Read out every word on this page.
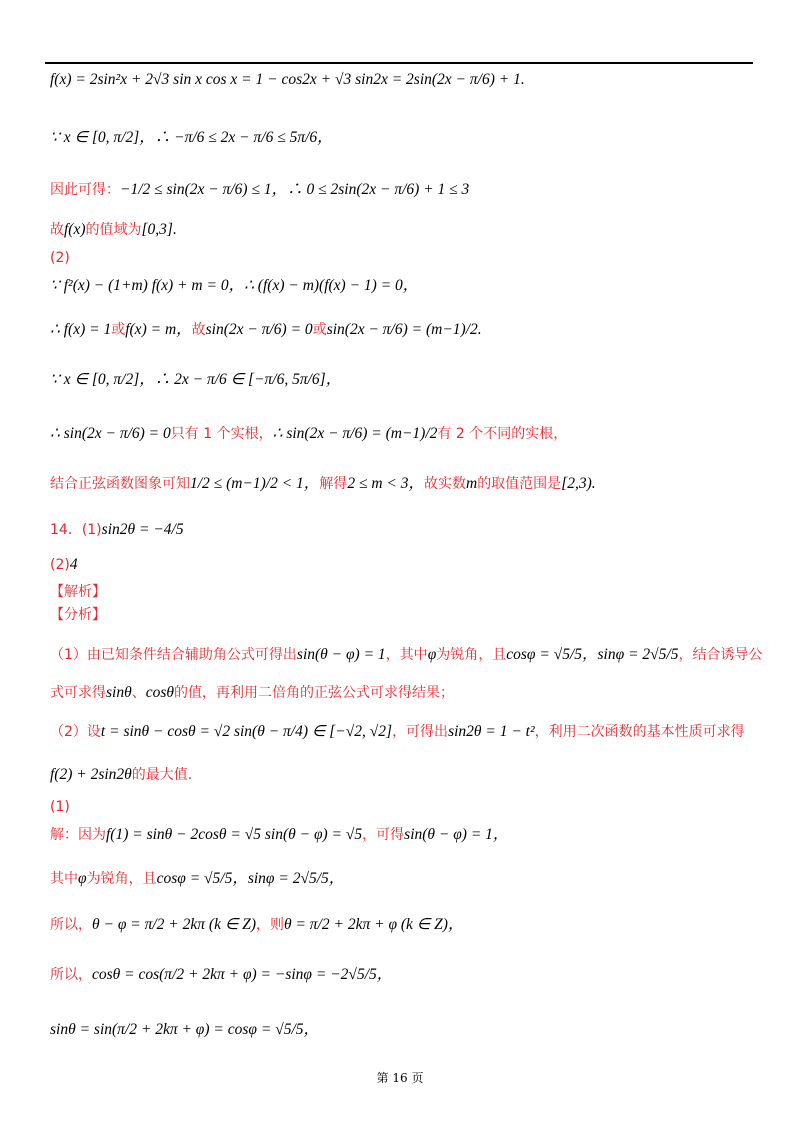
f(x) = 2sin²x + 2√3 sin x cos x = 1 − cos2x + √3 sin2x = 2sin(2x − π/6) + 1.
∵ x ∈ [0, π/2]，∴ −π/6 ≤ 2x − π/6 ≤ 5π/6，
因此可得：−1/2 ≤ sin(2x − π/6) ≤ 1，∴ 0 ≤ 2sin(2x − π/6) + 1 ≤ 3
故f(x)的值域为[0,3].
(2)
∵ f²(x) − (1+m) f(x) + m = 0，∴ (f(x) − m)(f(x) − 1) = 0，
∴ f(x) = 1或f(x) = m，故sin(2x − π/6) = 0或sin(2x − π/6) = (m−1)/2.
∵ x ∈ [0, π/2]，∴ 2x − π/6 ∈ [−π/6, 5π/6]，
∴ sin(2x − π/6) = 0只有 1 个实根，∴ sin(2x − π/6) = (m−1)/2有 2 个不同的实根，
结合正弦函数图象可知1/2 ≤ (m−1)/2 < 1，解得2 ≤ m < 3，故实数m的取值范围是[2,3).
14．(1)sin2θ = −4/5
(2)4
【解析】
【分析】
（1）由已知条件结合辅助角公式可得出sin(θ − φ) = 1，其中φ为锐角，且cosφ = √5/5，sinφ = 2√5/5，结合诱导公
式可求得sinθ、cosθ的值，再利用二倍角的正弦公式可求得结果；
（2）设t = sinθ − cosθ = √2 sin(θ − π/4) ∈ [−√2, √2]，可得出sin2θ = 1 − t²，利用二次函数的基本性质可求得
f(2) + 2sin2θ的最大值.
(1)
解：因为f(1) = sinθ − 2cosθ = √5 sin(θ − φ) = √5，可得sin(θ − φ) = 1，
其中φ为锐角，且cosφ = √5/5，sinφ = 2√5/5，
所以，θ − φ = π/2 + 2kπ (k ∈ Z)，则θ = π/2 + 2kπ + φ (k ∈ Z)，
所以，cosθ = cos(π/2 + 2kπ + φ) = −sinφ = −2√5/5，
sinθ = sin(π/2 + 2kπ + φ) = cosφ = √5/5，
第 16 页
